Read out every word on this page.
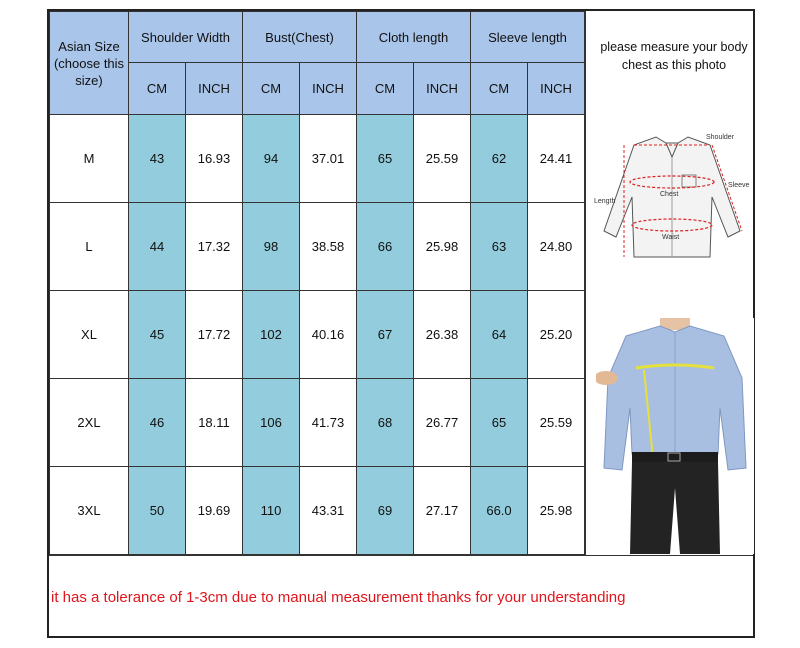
Asian Size (choose this size)	Shoulder Width		Bust(Chest)		Cloth length		Sleeve length	
	CM	INCH	CM	INCH	CM	INCH	CM	INCH
M	43	16.93	94	37.01	65	25.59	62	24.41
L	44	17.32	98	38.58	66	25.98	63	24.80
XL	45	17.72	102	40.16	67	26.38	64	25.20
2XL	46	18.11	106	41.73	68	26.77	65	25.59
3XL	50	19.69	110	43.31	69	27.17	66.0	25.98
please measure your body chest as this photo
Shoulder
Sleeve
Length
Chest
Waist
it has a tolerance of 1-3cm due to manual measurement thanks for your understanding
